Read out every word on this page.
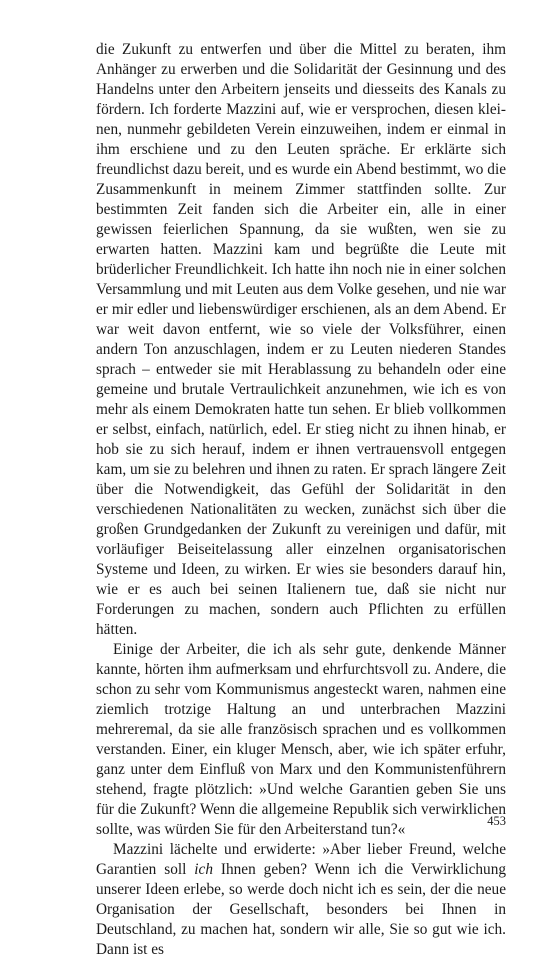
die Zukunft zu entwerfen und über die Mittel zu beraten, ihm Anhänger zu erwerben und die Solidarität der Gesinnung und des Handelns unter den Arbeitern jenseits und diesseits des Kanals zu fördern. Ich forderte Mazzini auf, wie er versprochen, diesen kleinen, nunmehr gebildeten Verein einzuweihen, indem er einmal in ihm erschiene und zu den Leuten spräche. Er erklärte sich freundlichst dazu bereit, und es wurde ein Abend bestimmt, wo die Zusammenkunft in meinem Zimmer stattfinden sollte. Zur bestimmten Zeit fanden sich die Arbeiter ein, alle in einer gewissen feierlichen Spannung, da sie wußten, wen sie zu erwarten hatten. Mazzini kam und begrüßte die Leute mit brüderlicher Freundlichkeit. Ich hatte ihn noch nie in einer solchen Versammlung und mit Leuten aus dem Volke gesehen, und nie war er mir edler und liebenswürdiger erschienen, als an dem Abend. Er war weit davon entfernt, wie so viele der Volksführer, einen andern Ton anzuschlagen, indem er zu Leuten niederen Standes sprach – entweder sie mit Herablassung zu behandeln oder eine gemeine und brutale Vertraulichkeit anzunehmen, wie ich es von mehr als einem Demokraten hatte tun sehen. Er blieb vollkommen er selbst, einfach, natürlich, edel. Er stieg nicht zu ihnen hinab, er hob sie zu sich herauf, indem er ihnen vertrauensvoll entgegen kam, um sie zu belehren und ihnen zu raten. Er sprach längere Zeit über die Notwendigkeit, das Gefühl der Solidarität in den verschiedenen Nationalitäten zu wecken, zunächst sich über die großen Grundgedanken der Zukunft zu vereinigen und dafür, mit vorläufiger Beiseitelassung aller einzelnen organisatorischen Systeme und Ideen, zu wirken. Er wies sie besonders darauf hin, wie er es auch bei seinen Italienern tue, daß sie nicht nur Forderungen zu machen, sondern auch Pflichten zu erfüllen hätten.

Einige der Arbeiter, die ich als sehr gute, denkende Männer kannte, hörten ihm aufmerksam und ehrfurchtsvoll zu. Andere, die schon zu sehr vom Kommunismus angesteckt waren, nahmen eine ziemlich trotzige Haltung an und unterbrachen Mazzini mehreremal, da sie alle französisch sprachen und es vollkommen verstanden. Einer, ein kluger Mensch, aber, wie ich später erfuhr, ganz unter dem Einfluß von Marx und den Kommunistenführern stehend, fragte plötzlich: »Und welche Garantien geben Sie uns für die Zukunft? Wenn die allgemeine Republik sich verwirklichen sollte, was würden Sie für den Arbeiterstand tun?«

Mazzini lächelte und erwiderte: »Aber lieber Freund, welche Garantien soll ich Ihnen geben? Wenn ich die Verwirklichung unserer Ideen erlebe, so werde doch nicht ich es sein, der die neue Organisation der Gesellschaft, besonders bei Ihnen in Deutschland, zu machen hat, sondern wir alle, Sie so gut wie ich. Dann ist es

453
